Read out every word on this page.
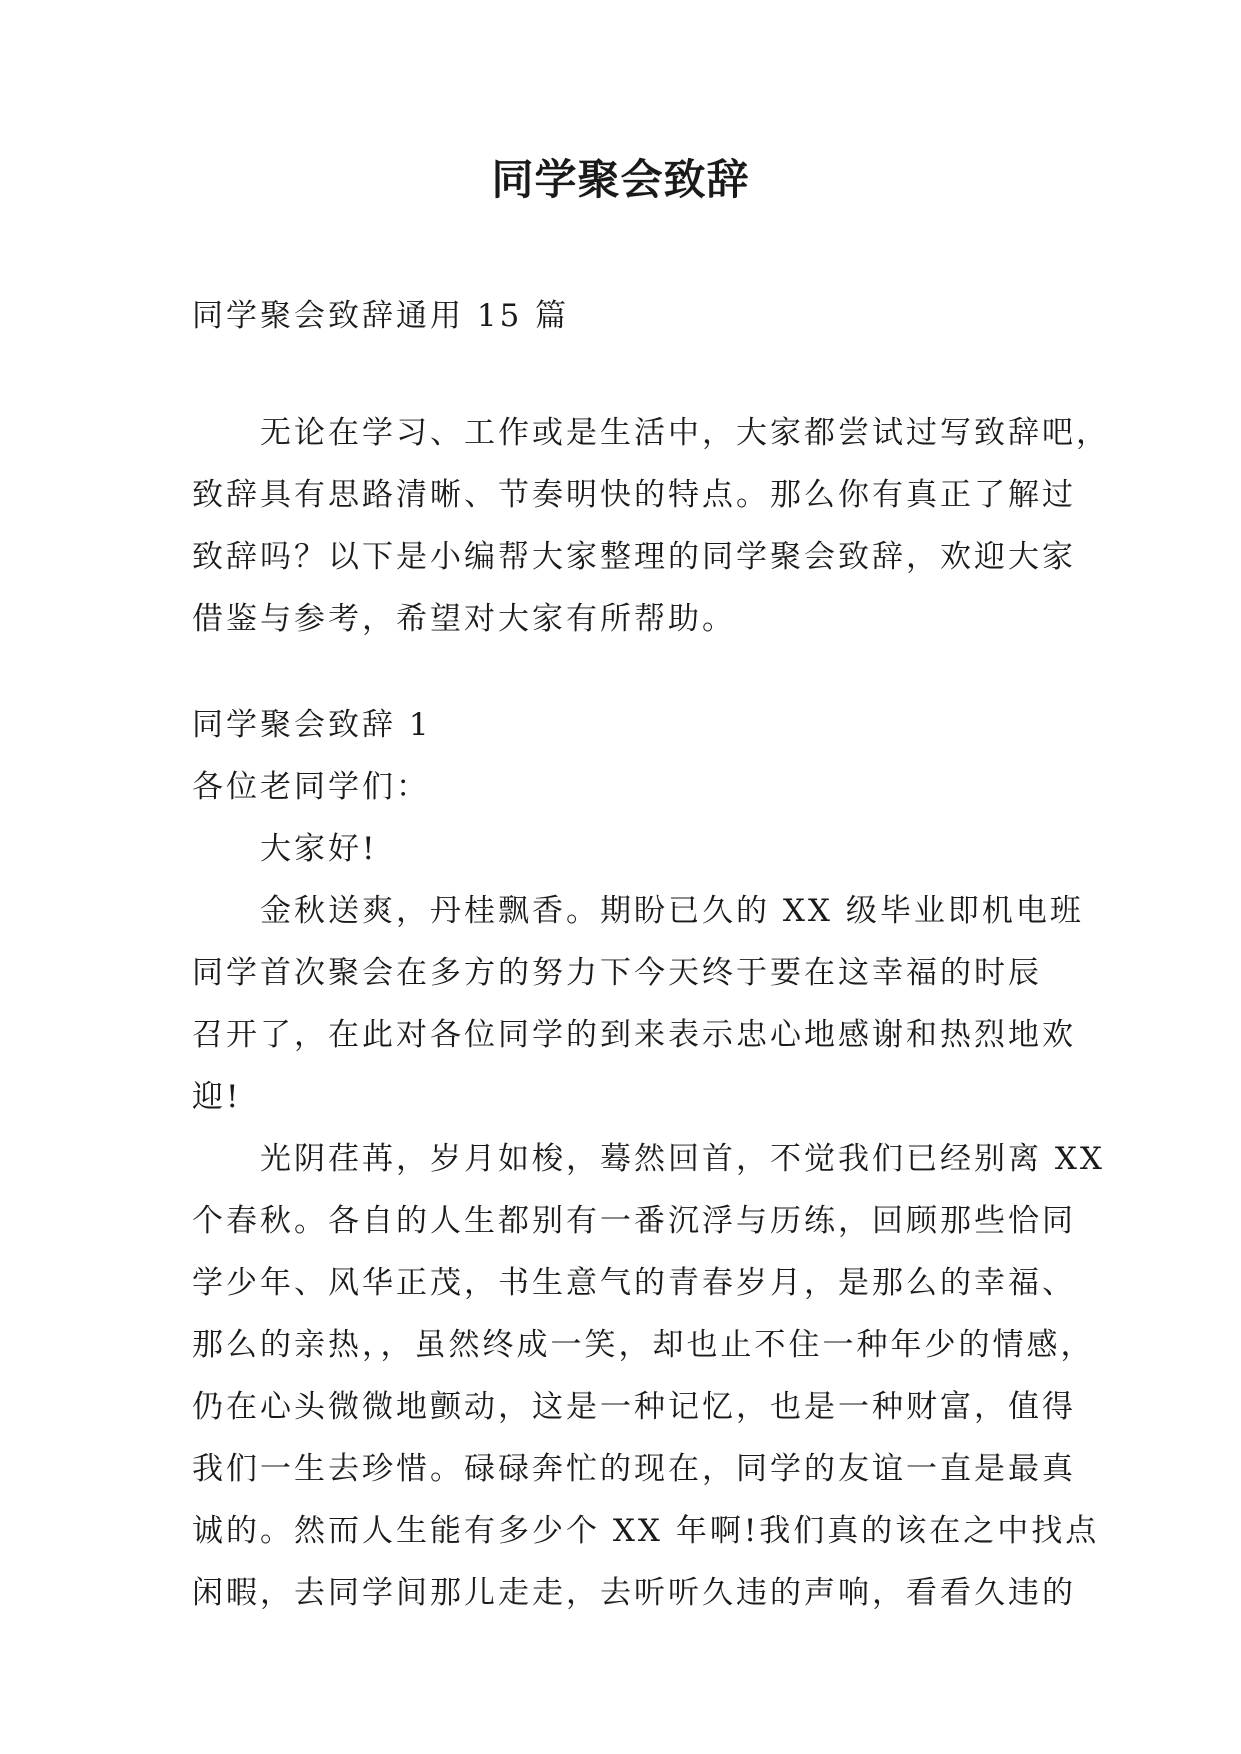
同学聚会致辞
同学聚会致辞通用 15 篇
　　无论在学习、工作或是生活中，大家都尝试过写致辞吧，
致辞具有思路清晰、节奏明快的特点。那么你有真正了解过
致辞吗？以下是小编帮大家整理的同学聚会致辞，欢迎大家
借鉴与参考，希望对大家有所帮助。
同学聚会致辞 1
各位老同学们：
　　大家好!
　　金秋送爽，丹桂飘香。期盼已久的 XX 级毕业即机电班
同学首次聚会在多方的努力下今天终于要在这幸福的时辰
召开了，在此对各位同学的到来表示忠心地感谢和热烈地欢
迎!
　　光阴荏苒，岁月如梭，蓦然回首，不觉我们已经别离 XX
个春秋。各自的人生都别有一番沉浮与历练，回顾那些恰同
学少年、风华正茂，书生意气的青春岁月，是那么的幸福、
那么的亲热，，虽然终成一笑，却也止不住一种年少的情感，
仍在心头微微地颤动，这是一种记忆，也是一种财富，值得
我们一生去珍惜。碌碌奔忙的现在，同学的友谊一直是最真
诚的。然而人生能有多少个 XX 年啊!我们真的该在之中找点
闲暇，去同学间那儿走走，去听听久违的声响，看看久违的
